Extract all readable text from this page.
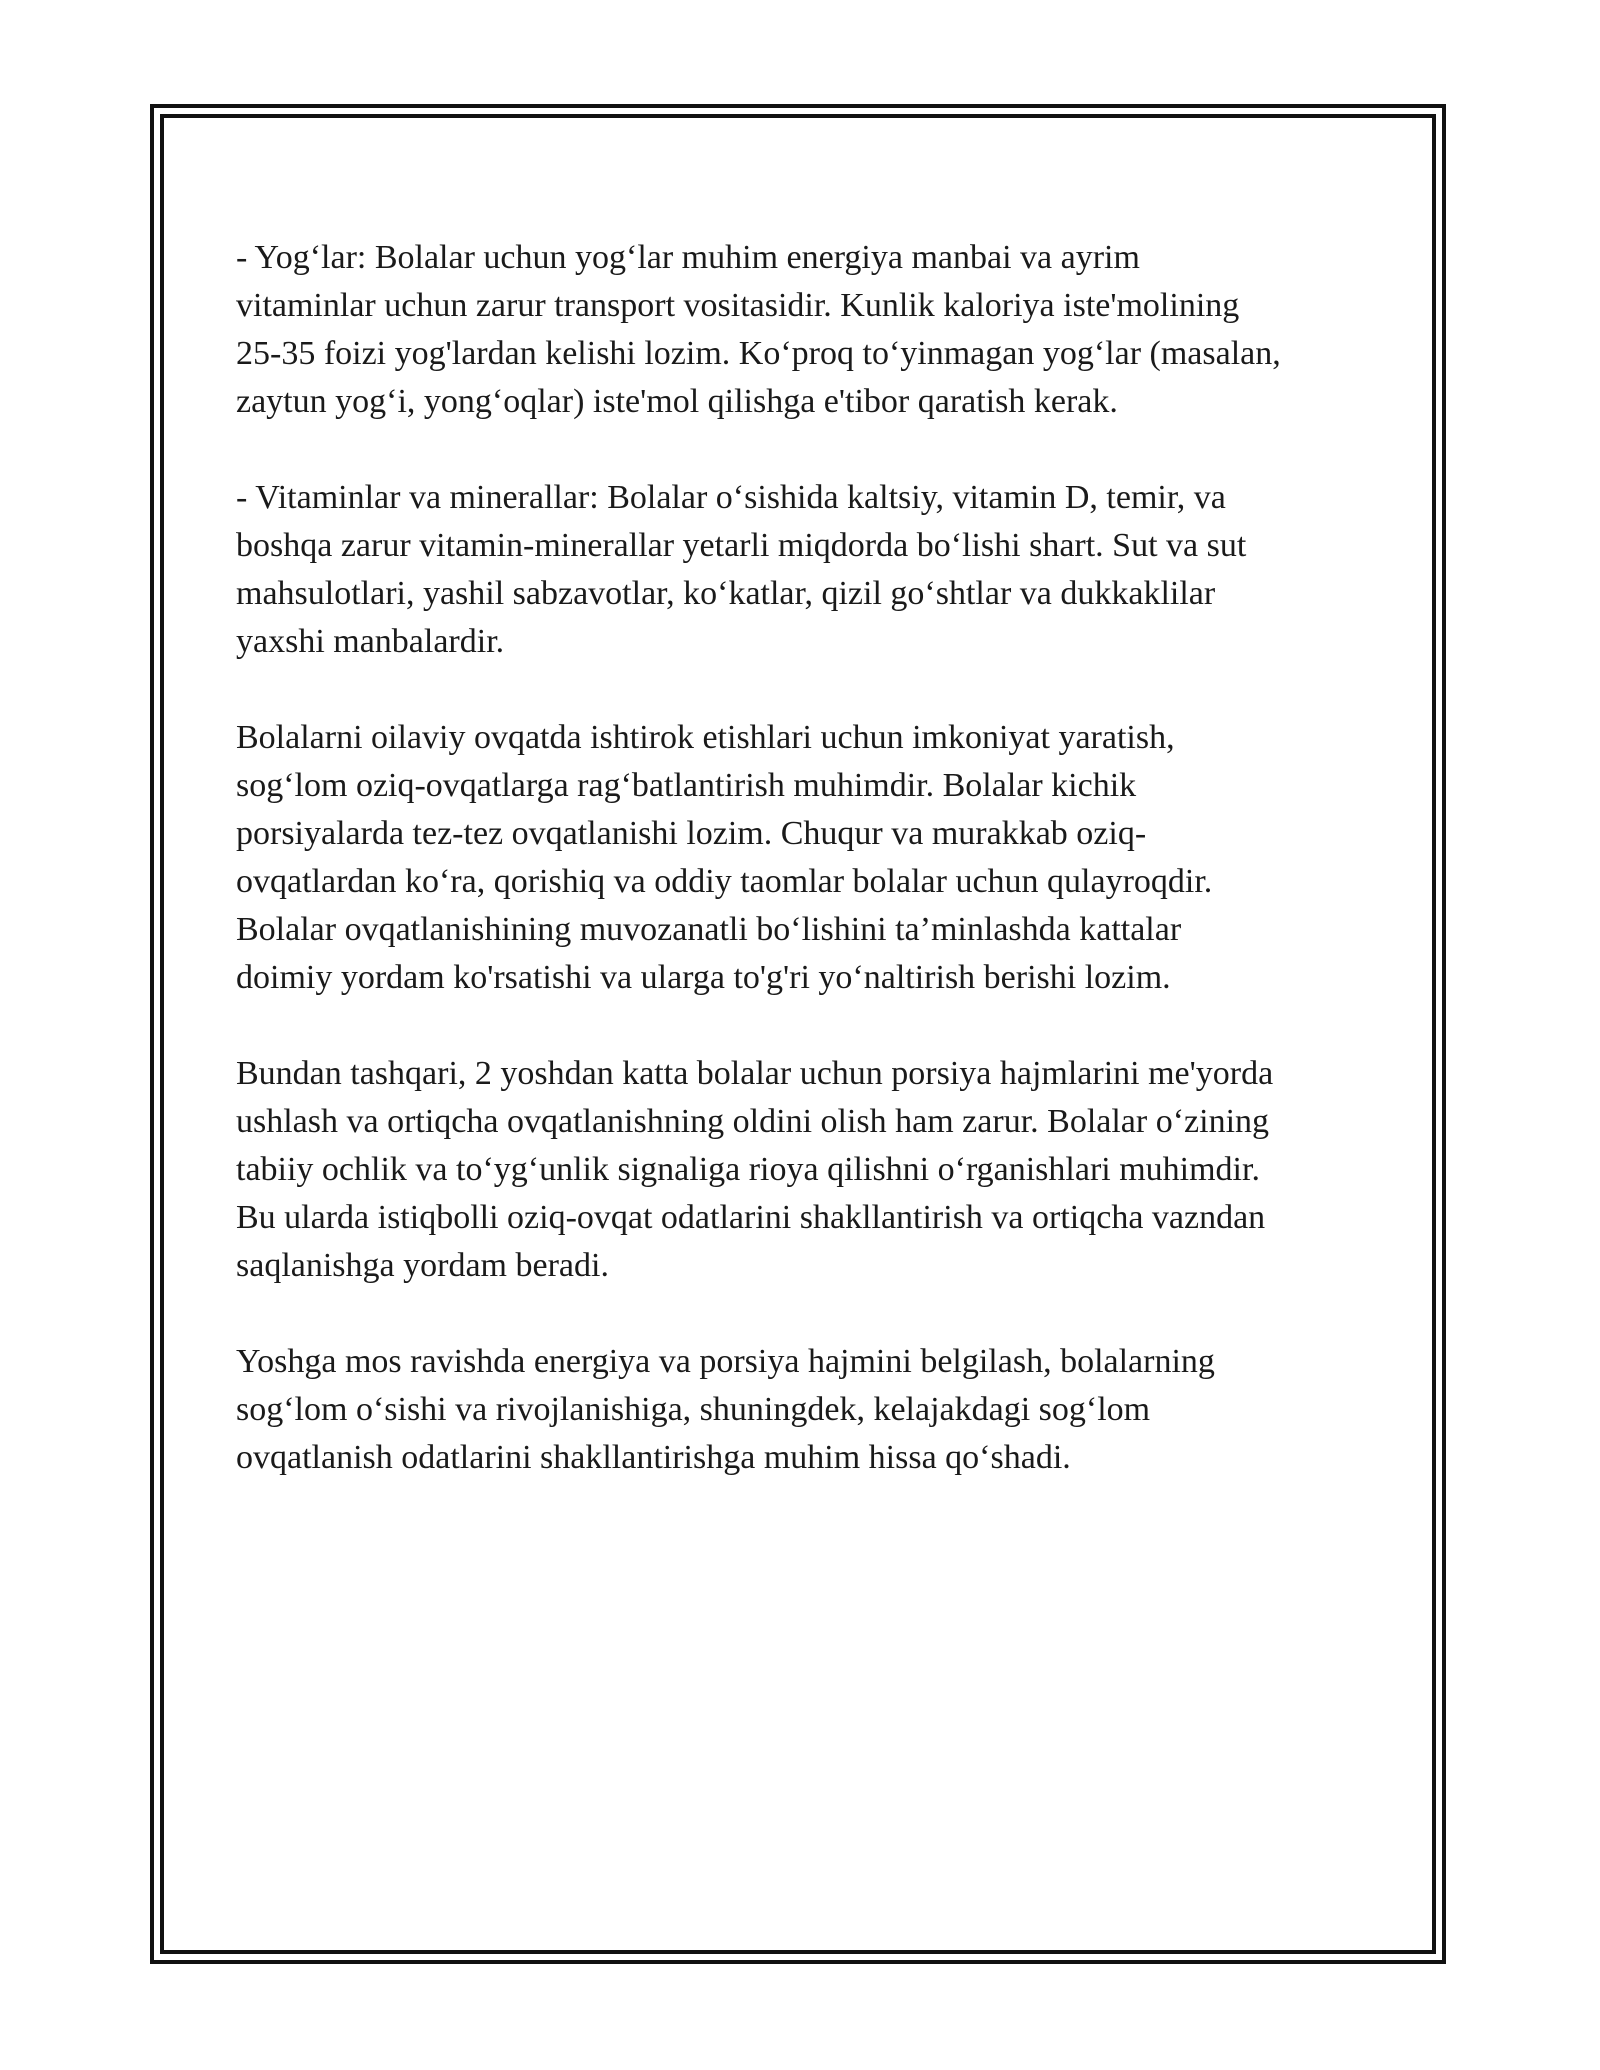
- Yog‘lar: Bolalar uchun yog‘lar muhim energiya manbai va ayrim
vitaminlar uchun zarur transport vositasidir. Kunlik kaloriya iste'molining
25-35 foizi yog'lardan kelishi lozim. Ko‘proq to‘yinmagan yog‘lar (masalan,
zaytun yog‘i, yong‘oqlar) iste'mol qilishga e'tibor qaratish kerak.

- Vitaminlar va minerallar: Bolalar o‘sishida kaltsiy, vitamin D, temir, va
boshqa zarur vitamin-minerallar yetarli miqdorda bo‘lishi shart. Sut va sut
mahsulotlari, yashil sabzavotlar, ko‘katlar, qizil go‘shtlar va dukkaklilar
yaxshi manbalardir.

Bolalarni oilaviy ovqatda ishtirok etishlari uchun imkoniyat yaratish,
sog‘lom oziq-ovqatlarga rag‘batlantirish muhimdir. Bolalar kichik
porsiyalarda tez-tez ovqatlanishi lozim. Chuqur va murakkab oziq-
ovqatlardan ko‘ra, qorishiq va oddiy taomlar bolalar uchun qulayroqdir.
Bolalar ovqatlanishining muvozanatli bo‘lishini ta’minlashda kattalar
doimiy yordam ko'rsatishi va ularga to'g'ri yo‘naltirish berishi lozim.

Bundan tashqari, 2 yoshdan katta bolalar uchun porsiya hajmlarini me'yorda
ushlash va ortiqcha ovqatlanishning oldini olish ham zarur. Bolalar o‘zining
tabiiy ochlik va to‘yg‘unlik signaliga rioya qilishni o‘rganishlari muhimdir.
Bu ularda istiqbolli oziq-ovqat odatlarini shakllantirish va ortiqcha vazndan
saqlanishga yordam beradi.

Yoshga mos ravishda energiya va porsiya hajmini belgilash, bolalarning
sog‘lom o‘sishi va rivojlanishiga, shuningdek, kelajakdagi sog‘lom
ovqatlanish odatlarini shakllantirishga muhim hissa qo‘shadi.
